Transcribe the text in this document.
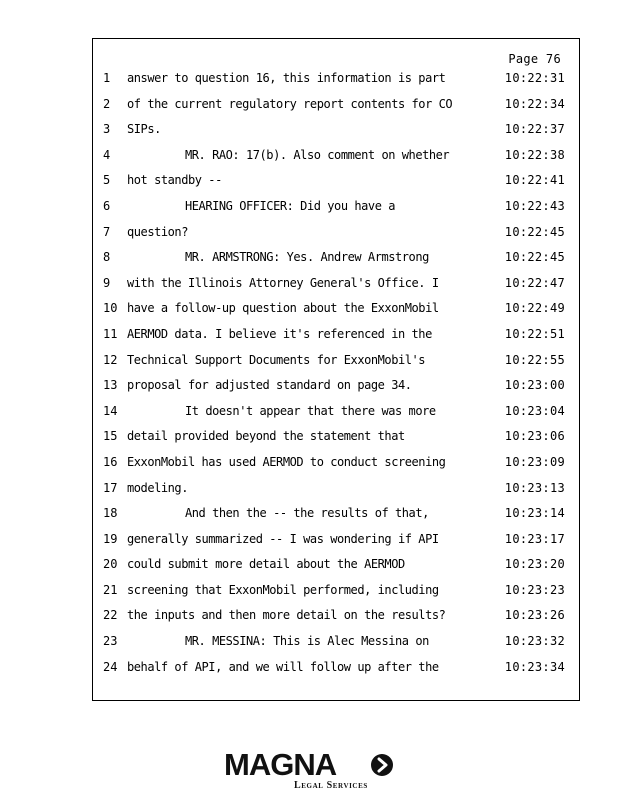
Page 76
1	answer to question 16, this information is part	10:22:31
2	of the current regulatory report contents for CO	10:22:34
3	SIPs.	10:22:37
4	MR. RAO: 17(b). Also comment on whether	10:22:38
5	hot standby --	10:22:41
6	HEARING OFFICER: Did you have a	10:22:43
7	question?	10:22:45
8	MR. ARMSTRONG: Yes. Andrew Armstrong	10:22:45
9	with the Illinois Attorney General's Office. I	10:22:47
10 have a follow-up question about the ExxonMobil	10:22:49
11 AERMOD data. I believe it's referenced in the	10:22:51
12 Technical Support Documents for ExxonMobil's	10:22:55
13 proposal for adjusted standard on page 34.	10:23:00
14	It doesn't appear that there was more	10:23:04
15 detail provided beyond the statement that	10:23:06
16 ExxonMobil has used AERMOD to conduct screening	10:23:09
17 modeling.	10:23:13
18	And then the -- the results of that,	10:23:14
19 generally summarized -- I was wondering if API	10:23:17
20 could submit more detail about the AERMOD	10:23:20
21 screening that ExxonMobil performed, including	10:23:23
22 the inputs and then more detail on the results?	10:23:26
23	MR. MESSINA: This is Alec Messina on	10:23:32
24 behalf of API, and we will follow up after the	10:23:34
MAGNA
Legal Services
